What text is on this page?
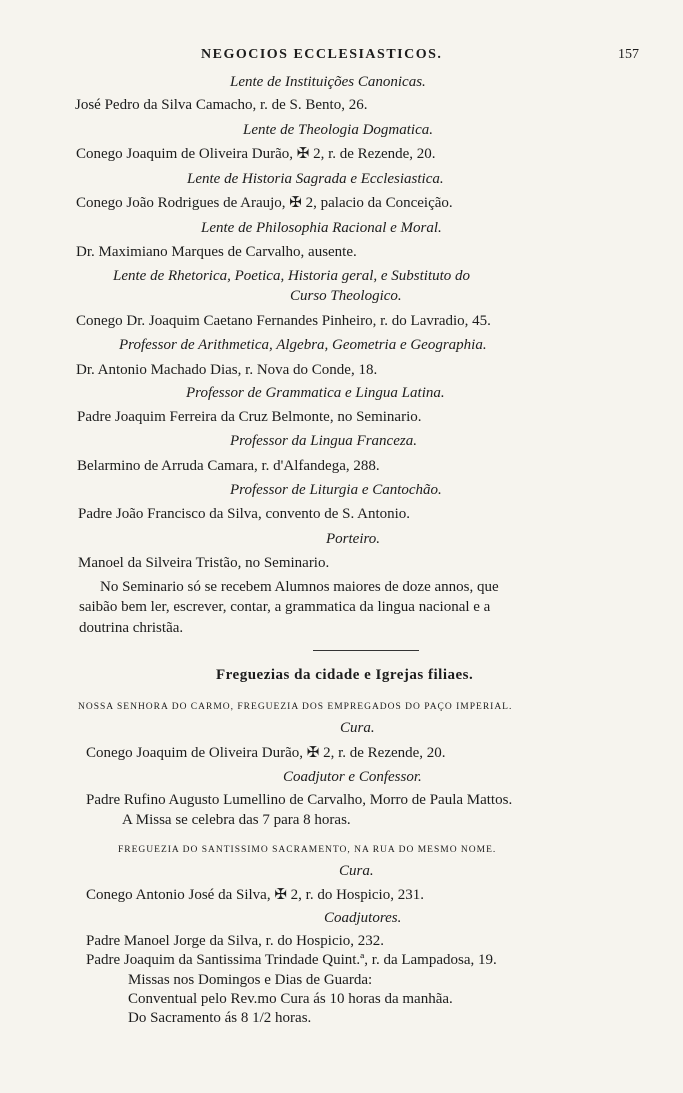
NEGOCIOS ECCLESIASTICOS.	157
Lente de Instituições Canonicas.
José Pedro da Silva Camacho, r. de S. Bento, 26.
Lente de Theologia Dogmatica.
Conego Joaquim de Oliveira Durão, ✠ 2, r. de Rezende, 20.
Lente de Historia Sagrada e Ecclesiastica.
Conego João Rodrigues de Araujo, ✠ 2, palacio da Conceição.
Lente de Philosophia Racional e Moral.
Dr. Maximiano Marques de Carvalho, ausente.
Lente de Rhetorica, Poetica, Historia geral, e Substituto do
Curso Theologico.
Conego Dr. Joaquim Caetano Fernandes Pinheiro, r. do Lavradio, 45.
Professor de Arithmetica, Algebra, Geometria e Geographia.
Dr. Antonio Machado Dias, r. Nova do Conde, 18.
Professor de Grammatica e Lingua Latina.
Padre Joaquim Ferreira da Cruz Belmonte, no Seminario.
Professor da Lingua Franceza.
Belarmino de Arruda Camara, r. d'Alfandega, 288.
Professor de Liturgia e Cantochão.
Padre João Francisco da Silva, convento de S. Antonio.
Porteiro.
Manoel da Silveira Tristão, no Seminario.
No Seminario só se recebem Alumnos maiores de doze annos, que
saibão bem ler, escrever, contar, a grammatica da lingua nacional e a
doutrina christãa.
Freguezias da cidade e Igrejas filiaes.
NOSSA SENHORA DO CARMO, FREGUEZIA DOS EMPREGADOS DO PAÇO IMPERIAL.
Cura.
Conego Joaquim de Oliveira Durão, ✠ 2, r. de Rezende, 20.
Coadjutor e Confessor.
Padre Rufino Augusto Lumellino de Carvalho, Morro de Paula Mattos.
A Missa se celebra das 7 para 8 horas.
FREGUEZIA DO SANTISSIMO SACRAMENTO, NA RUA DO MESMO NOME.
Cura.
Conego Antonio José da Silva, ✠ 2, r. do Hospicio, 231.
Coadjutores.
Padre Manoel Jorge da Silva, r. do Hospicio, 232.
Padre Joaquim da Santissima Trindade Quint.ª, r. da Lampadosa, 19.
Missas nos Domingos e Dias de Guarda:
Conventual pelo Rev.mo Cura ás 10 horas da manhãa.
Do Sacramento ás 8 1/2 horas.
